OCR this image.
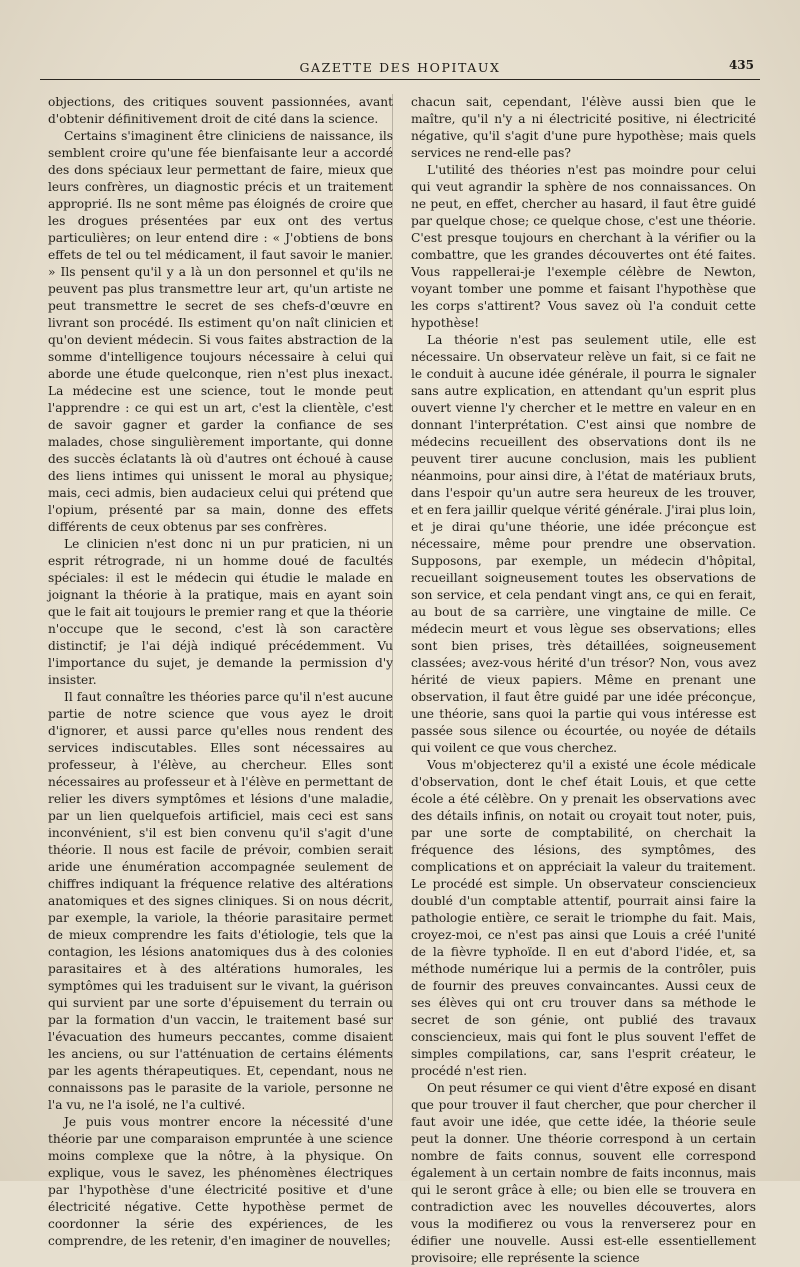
GAZETTE DES HOPITAUX	435

objections, des critiques souvent passionnées, avant d'obtenir définitivement droit de cité dans la science.

Certains s'imaginent être cliniciens de naissance, ils semblent croire qu'une fée bienfaisante leur a accordé des dons spéciaux leur permettant de faire, mieux que leurs confrères, un diagnostic précis et un traitement approprié. Ils ne sont même pas éloignés de croire que les drogues présentées par eux ont des vertus particulières; on leur entend dire : « J'obtiens de bons effets de tel ou tel médicament, il faut savoir le manier. » Ils pensent qu'il y a là un don personnel et qu'ils ne peuvent pas plus transmettre leur art, qu'un artiste ne peut transmettre le secret de ses chefs-d'œuvre en livrant son procédé. Ils estiment qu'on naît clinicien et qu'on devient médecin. Si vous faites abstraction de la somme d'intelligence toujours nécessaire à celui qui aborde une étude quelconque, rien n'est plus inexact. La médecine est une science, tout le monde peut l'apprendre : ce qui est un art, c'est la clientèle, c'est de savoir gagner et garder la confiance de ses malades, chose singulièrement importante, qui donne des succès éclatants là où d'autres ont échoué à cause des liens intimes qui unissent le moral au physique; mais, ceci admis, bien audacieux celui qui prétend que l'opium, présenté par sa main, donne des effets différents de ceux obtenus par ses confrères.

Le clinicien n'est donc ni un pur praticien, ni un esprit rétrograde, ni un homme doué de facultés spéciales: il est le médecin qui étudie le malade en joignant la théorie à la pratique, mais en ayant soin que le fait ait toujours le premier rang et que la théorie n'occupe que le second, c'est là son caractère distinctif; je l'ai déjà indiqué précédemment. Vu l'importance du sujet, je demande la permission d'y insister.

Il faut connaître les théories parce qu'il n'est aucune partie de notre science que vous ayez le droit d'ignorer, et aussi parce qu'elles nous rendent des services indiscutables. Elles sont nécessaires au professeur, à l'élève, au chercheur. Elles sont nécessaires au professeur et à l'élève en permettant de relier les divers symptômes et lésions d'une maladie, par un lien quelquefois artificiel, mais ceci est sans inconvénient, s'il est bien convenu qu'il s'agit d'une théorie. Il nous est facile de prévoir, combien serait aride une énumération accompagnée seulement de chiffres indiquant la fréquence relative des altérations anatomiques et des signes cliniques. Si on nous décrit, par exemple, la variole, la théorie parasitaire permet de mieux comprendre les faits d'étiologie, tels que la contagion, les lésions anatomiques dus à des colonies parasitaires et à des altérations humorales, les symptômes qui les traduisent sur le vivant, la guérison qui survient par une sorte d'épuisement du terrain ou par la formation d'un vaccin, le traitement basé sur l'évacuation des humeurs peccantes, comme disaient les anciens, ou sur l'atténuation de certains éléments par les agents thérapeutiques. Et, cependant, nous ne connaissons pas le parasite de la variole, personne ne l'a vu, ne l'a isolé, ne l'a cultivé.

Je puis vous montrer encore la nécessité d'une théorie par une comparaison empruntée à une science moins complexe que la nôtre, à la physique. On explique, vous le savez, les phénomènes électriques par l'hypothèse d'une électricité positive et d'une électricité négative. Cette hypothèse permet de coordonner la série des expériences, de les comprendre, de les retenir, d'en imaginer de nouvelles;

chacun sait, cependant, l'élève aussi bien que le maître, qu'il n'y a ni électricité positive, ni électricité négative, qu'il s'agit d'une pure hypothèse; mais quels services ne rend-elle pas?

L'utilité des théories n'est pas moindre pour celui qui veut agrandir la sphère de nos connaissances. On ne peut, en effet, chercher au hasard, il faut être guidé par quelque chose; ce quelque chose, c'est une théorie. C'est presque toujours en cherchant à la vérifier ou la combattre, que les grandes découvertes ont été faites. Vous rappellerai-je l'exemple célèbre de Newton, voyant tomber une pomme et faisant l'hypothèse que les corps s'attirent? Vous savez où l'a conduit cette hypothèse!

La théorie n'est pas seulement utile, elle est nécessaire. Un observateur relève un fait, si ce fait ne le conduit à aucune idée générale, il pourra le signaler sans autre explication, en attendant qu'un esprit plus ouvert vienne l'y chercher et le mettre en valeur en en donnant l'interprétation. C'est ainsi que nombre de médecins recueillent des observations dont ils ne peuvent tirer aucune conclusion, mais les publient néanmoins, pour ainsi dire, à l'état de matériaux bruts, dans l'espoir qu'un autre sera heureux de les trouver, et en fera jaillir quelque vérité générale. J'irai plus loin, et je dirai qu'une théorie, une idée préconçue est nécessaire, même pour prendre une observation. Supposons, par exemple, un médecin d'hôpital, recueillant soigneusement toutes les observations de son service, et cela pendant vingt ans, ce qui en ferait, au bout de sa carrière, une vingtaine de mille. Ce médecin meurt et vous lègue ses observations; elles sont bien prises, très détaillées, soigneusement classées; avez-vous hérité d'un trésor? Non, vous avez hérité de vieux papiers. Même en prenant une observation, il faut être guidé par une idée préconçue, une théorie, sans quoi la partie qui vous intéresse est passée sous silence ou écourtée, ou noyée de détails qui voilent ce que vous cherchez.

Vous m'objecterez qu'il a existé une école médicale d'observation, dont le chef était Louis, et que cette école a été célèbre. On y prenait les observations avec des détails infinis, on notait ou croyait tout noter, puis, par une sorte de comptabilité, on cherchait la fréquence des lésions, des symptômes, des complications et on appréciait la valeur du traitement. Le procédé est simple. Un observateur consciencieux doublé d'un comptable attentif, pourrait ainsi faire la pathologie entière, ce serait le triomphe du fait. Mais, croyez-moi, ce n'est pas ainsi que Louis a créé l'unité de la fièvre typhoïde. Il en eut d'abord l'idée, et, sa méthode numérique lui a permis de la contrôler, puis de fournir des preuves convaincantes. Aussi ceux de ses élèves qui ont cru trouver dans sa méthode le secret de son génie, ont publié des travaux consciencieux, mais qui font le plus souvent l'effet de simples compilations, car, sans l'esprit créateur, le procédé n'est rien.

On peut résumer ce qui vient d'être exposé en disant que pour trouver il faut chercher, que pour chercher il faut avoir une idée, que cette idée, la théorie seule peut la donner. Une théorie correspond à un certain nombre de faits connus, souvent elle correspond également à un certain nombre de faits inconnus, mais qui le seront grâce à elle; ou bien elle se trouvera en contradiction avec les nouvelles découvertes, alors vous la modifierez ou vous la renverserez pour en édifier une nouvelle. Aussi est-elle essentiellement provisoire; elle représente la science
